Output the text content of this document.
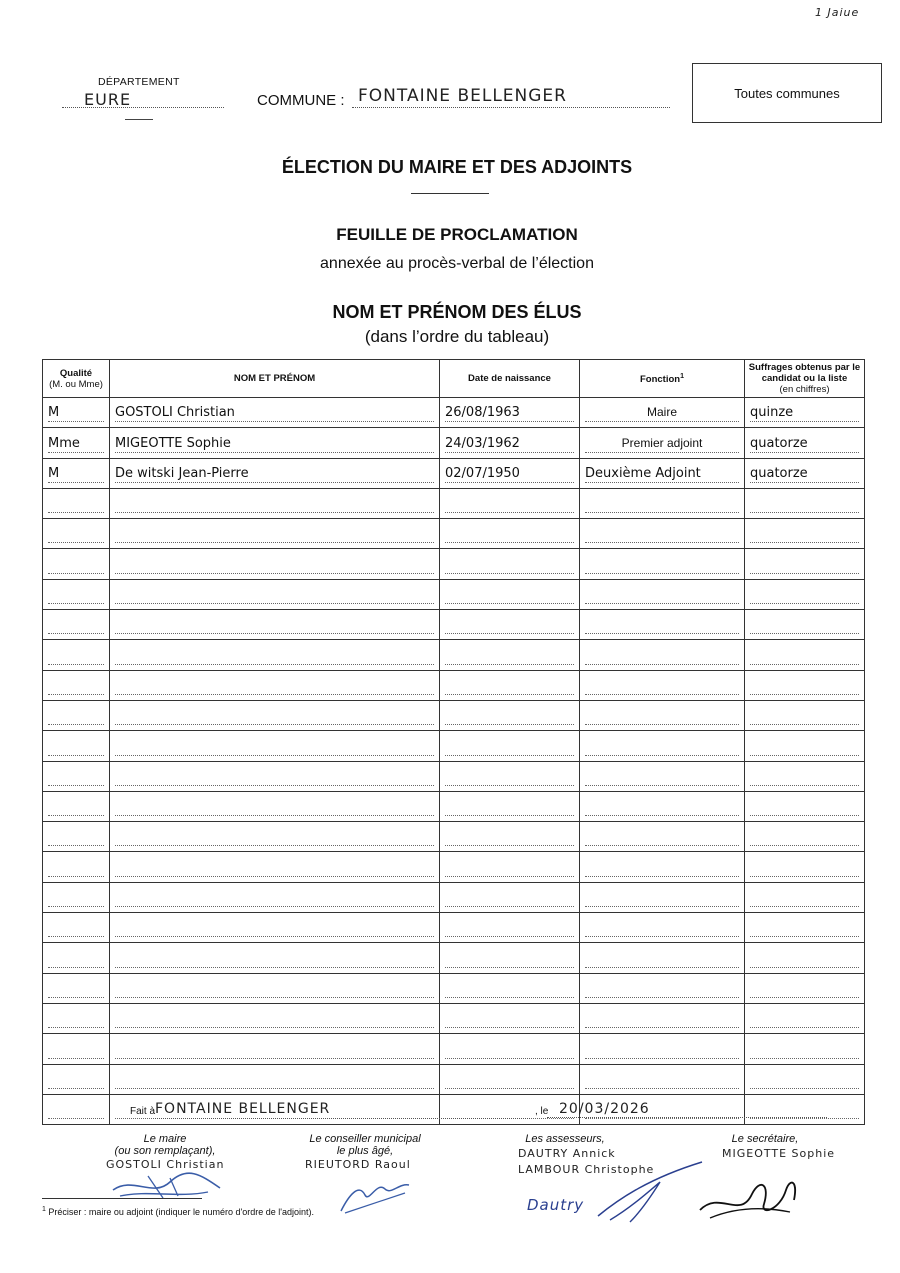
1 Jaiue
DÉPARTEMENT
EURE	COMMUNE : FONTAINE BELLENGER	Toutes communes
ÉLECTION DU MAIRE ET DES ADJOINTS
FEUILLE DE PROCLAMATION
annexée au procès-verbal de l’élection
NOM ET PRÉNOM DES ÉLUS
(dans l’ordre du tableau)
Qualité
(M. ou Mme)	NOM ET PRÉNOM	Date de naissance	Fonction$^1$	Suffrages obtenus par le candidat ou la liste
(en chiffres)

M	GOSTOLI Christian	26/08/1963	Maire	quinze

Mme	MIGEOTTE Sophie	24/03/1962	Premier adjoint	quatorze

M	De witski Jean-Pierre	02/07/1950	Deuxième Adjoint	quatorze

Fait à FONTAINE BELLENGER	, le 20/03/2026
Le maire
(ou son remplaçant),
GOSTOLI Christian
Le conseiller municipal
le plus âgé,
RIEUTORD Raoul
Les assesseurs,
DAUTRY Annick
LAMBOUR Christophe
Dautry
Le secrétaire,
MIGEOTTE Sophie
$^1$ Préciser : maire ou adjoint (indiquer le numéro d'ordre de l'adjoint).
